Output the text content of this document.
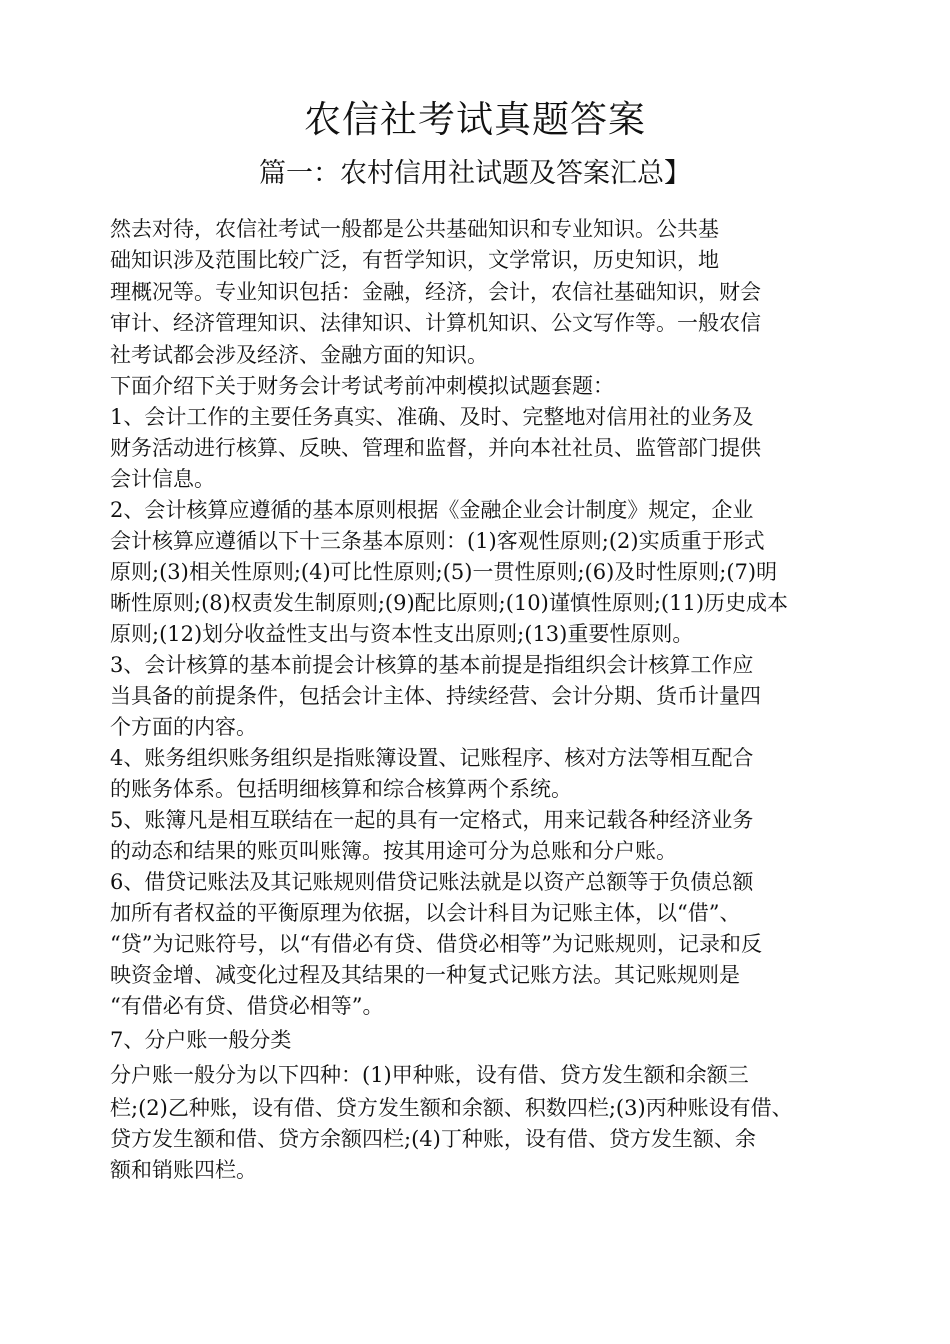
农信社考试真题答案
篇一：农村信用社试题及答案汇总】

然去对待，农信社考试一般都是公共基础知识和专业知识。公共基

础知识涉及范围比较广泛，有哲学知识，文学常识，历史知识，地

理概况等。专业知识包括：金融，经济，会计，农信社基础知识，财会

审计、经济管理知识、法律知识、计算机知识、公文写作等。一般农信

社考试都会涉及经济、金融方面的知识。

下面介绍下关于财务会计考试考前冲刺模拟试题套题：

1、会计工作的主要任务真实、准确、及时、完整地对信用社的业务及

财务活动进行核算、反映、管理和监督，并向本社社员、监管部门提供

会计信息。

2、会计核算应遵循的基本原则根据《金融企业会计制度》规定，企业

会计核算应遵循以下十三条基本原则：(1)客观性原则;(2)实质重于形式

原则;(3)相关性原则;(4)可比性原则;(5)一贯性原则;(6)及时性原则;(7)明

晰性原则;(8)权责发生制原则;(9)配比原则;(10)谨慎性原则;(11)历史成本

原则;(12)划分收益性支出与资本性支出原则;(13)重要性原则。

3、会计核算的基本前提会计核算的基本前提是指组织会计核算工作应

当具备的前提条件，包括会计主体、持续经营、会计分期、货币计量四

个方面的内容。

4、账务组织账务组织是指账簿设置、记账程序、核对方法等相互配合

的账务体系。包括明细核算和综合核算两个系统。

5、账簿凡是相互联结在一起的具有一定格式，用来记载各种经济业务

的动态和结果的账页叫账簿。按其用途可分为总账和分户账。

6、借贷记账法及其记账规则借贷记账法就是以资产总额等于负债总额

加所有者权益的平衡原理为依据，以会计科目为记账主体，以“借”、

“贷”为记账符号，以“有借必有贷、借贷必相等”为记账规则，记录和反

映资金增、减变化过程及其结果的一种复式记账方法。其记账规则是

“有借必有贷、借贷必相等”。

7、分户账一般分类

分户账一般分为以下四种：(1)甲种账，设有借、贷方发生额和余额三

栏;(2)乙种账，设有借、贷方发生额和余额、积数四栏;(3)丙种账设有借、

贷方发生额和借、贷方余额四栏;(4)丁种账，设有借、贷方发生额、余

额和销账四栏。
